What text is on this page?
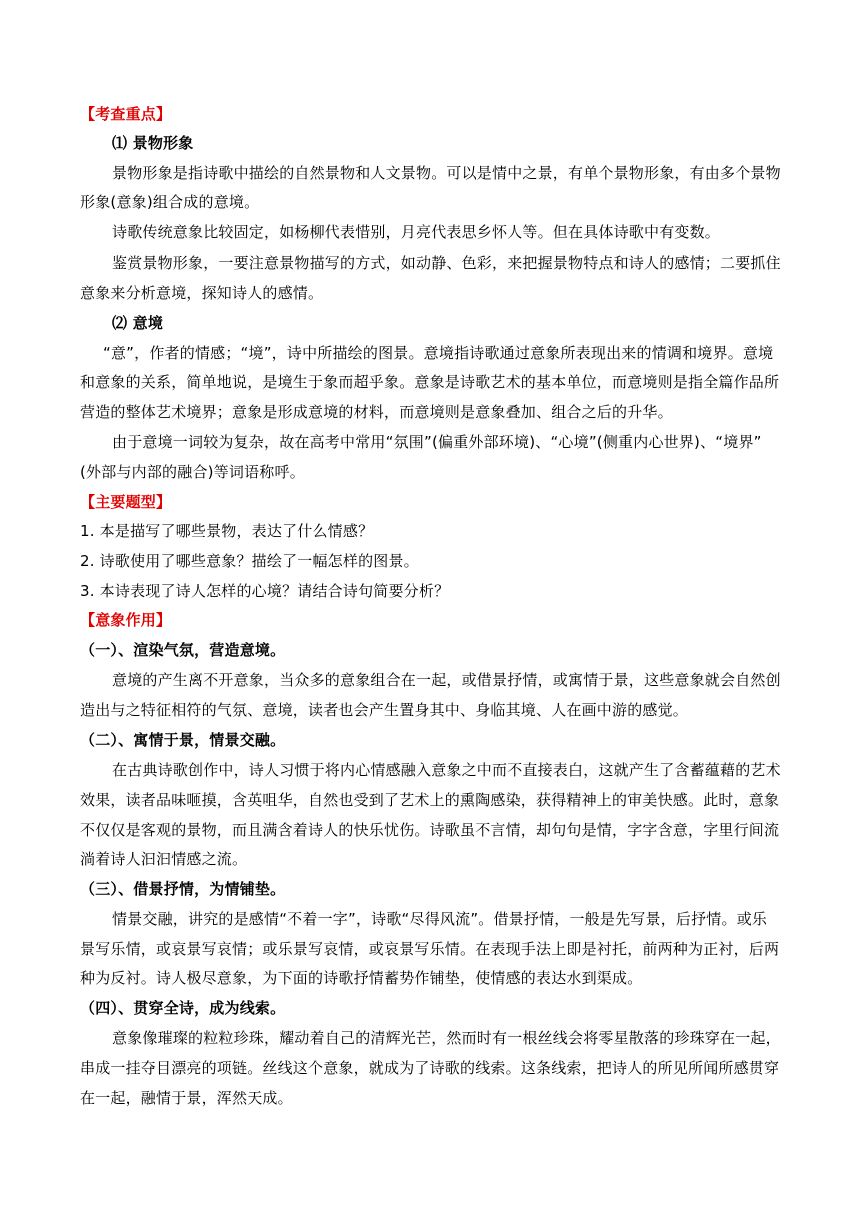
【考查重点】
⑴ 景物形象
景物形象是指诗歌中描绘的自然景物和人文景物。可以是情中之景，有单个景物形象，有由多个景物
形象(意象)组合成的意境。
诗歌传统意象比较固定，如杨柳代表惜别，月亮代表思乡怀人等。但在具体诗歌中有变数。
鉴赏景物形象，一要注意景物描写的方式，如动静、色彩，来把握景物特点和诗人的感情；二要抓住
意象来分析意境，探知诗人的感情。
⑵ 意境
“意”，作者的情感；“境”，诗中所描绘的图景。意境指诗歌通过意象所表现出来的情调和境界。意境
和意象的关系，简单地说，是境生于象而超乎象。意象是诗歌艺术的基本单位，而意境则是指全篇作品所
营造的整体艺术境界；意象是形成意境的材料，而意境则是意象叠加、组合之后的升华。
由于意境一词较为复杂，故在高考中常用“氛围”(偏重外部环境)、“心境”(侧重内心世界)、“境界”
(外部与内部的融合)等词语称呼。
【主要题型】
1. 本是描写了哪些景物，表达了什么情感？
2. 诗歌使用了哪些意象？描绘了一幅怎样的图景。
3. 本诗表现了诗人怎样的心境？请结合诗句简要分析？
【意象作用】
（一）、渲染气氛，营造意境。
意境的产生离不开意象，当众多的意象组合在一起，或借景抒情，或寓情于景，这些意象就会自然创
造出与之特征相符的气氛、意境，读者也会产生置身其中、身临其境、人在画中游的感觉。
（二）、寓情于景，情景交融。
在古典诗歌创作中，诗人习惯于将内心情感融入意象之中而不直接表白，这就产生了含蓄蕴藉的艺术
效果，读者品味咂摸，含英咀华，自然也受到了艺术上的熏陶感染，获得精神上的审美快感。此时，意象
不仅仅是客观的景物，而且满含着诗人的快乐忧伤。诗歌虽不言情，却句句是情，字字含意，字里行间流
淌着诗人汩汩情感之流。
（三）、借景抒情，为情铺垫。
情景交融，讲究的是感情“不着一字”，诗歌“尽得风流”。借景抒情，一般是先写景，后抒情。或乐
景写乐情，或哀景写哀情；或乐景写哀情，或哀景写乐情。在表现手法上即是衬托，前两种为正衬，后两
种为反衬。诗人极尽意象，为下面的诗歌抒情蓄势作铺垫，使情感的表达水到渠成。
（四）、贯穿全诗，成为线索。
意象像璀璨的粒粒珍珠，耀动着自己的清辉光芒，然而时有一根丝线会将零星散落的珍珠穿在一起，
串成一挂夺目漂亮的项链。丝线这个意象，就成为了诗歌的线索。这条线索，把诗人的所见所闻所感贯穿
在一起，融情于景，浑然天成。
